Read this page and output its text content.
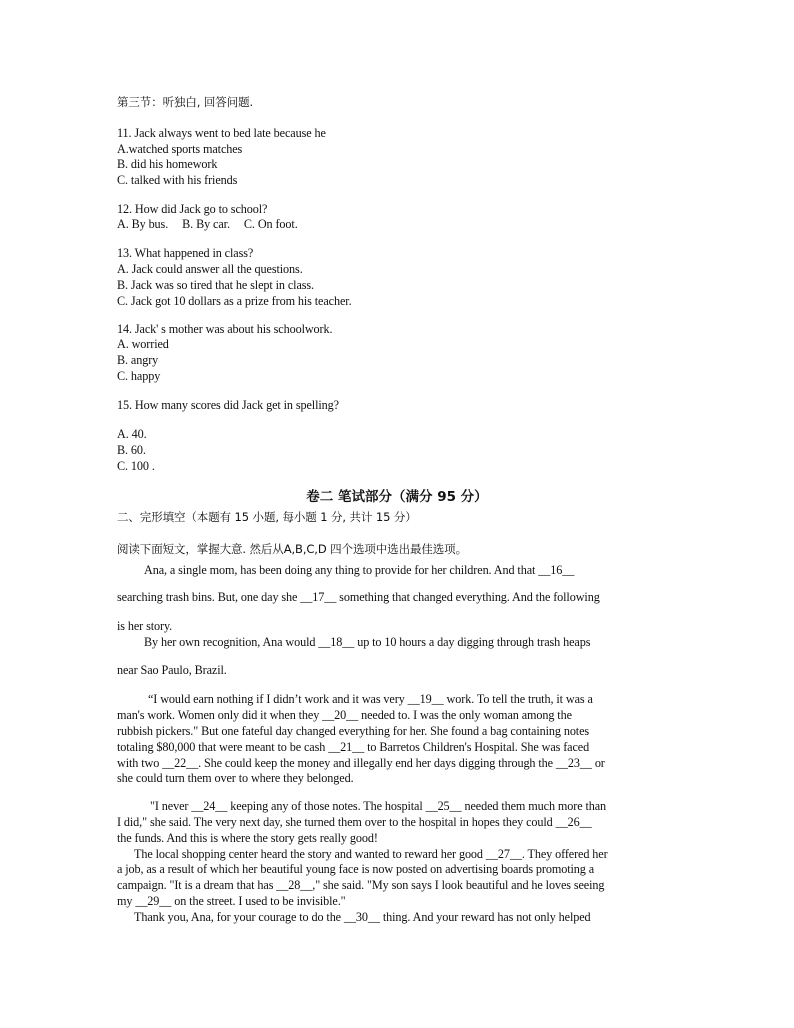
第三节：听独白, 回答问题.
11. Jack always went to bed late because he
A.watched sports matches
B. did his homework
C. talked with his friends
12. How did Jack go to school?
A. By bus. B. By car. C. On foot.
13. What happened in class?
A. Jack could answer all the questions.
B. Jack was so tired that he slept in class.
C. Jack got 10 dollars as a prize from his teacher.
14. Jack' s mother was about his schoolwork.
A. worried
B. angry
C. happy
15. How many scores did Jack get in spelling?
A. 40.
B. 60.
C. 100 .
卷二 笔试部分（满分 95 分）
二、完形填空（本题有 15 小题, 每小题 1 分, 共计 15 分）
阅读下面短文，掌握大意. 然后从A,B,C,D 四个选项中选出最佳选项。
Ana, a single mom, has been doing any thing to provide for her children. And that __16__
searching trash bins. But, one day she __17__ something that changed everything. And the following
is her story.
By her own recognition, Ana would __18__ up to 10 hours a day digging through trash heaps
near Sao Paulo, Brazil.
“I would earn nothing if I didn’t work and it was very __19__ work. To tell the truth, it was a
man's work. Women only did it when they __20__ needed to. I was the only woman among the
rubbish pickers." But one fateful day changed everything for her. She found a bag containing notes
totaling $80,000 that were meant to be cash __21__ to Barretos Children's Hospital. She was faced
with two __22__. She could keep the money and illegally end her days digging through the __23__ or
she could turn them over to where they belonged.
"I never __24__ keeping any of those notes. The hospital __25__ needed them much more than
I did," she said. The very next day, she turned them over to the hospital in hopes they could __26__
the funds. And this is where the story gets really good!
The local shopping center heard the story and wanted to reward her good __27__. They offered her
a job, as a result of which her beautiful young face is now posted on advertising boards promoting a
campaign. "It is a dream that has __28__," she said. "My son says I look beautiful and he loves seeing
my __29__ on the street. I used to be invisible."
Thank you, Ana, for your courage to do the __30__ thing. And your reward has not only helped
